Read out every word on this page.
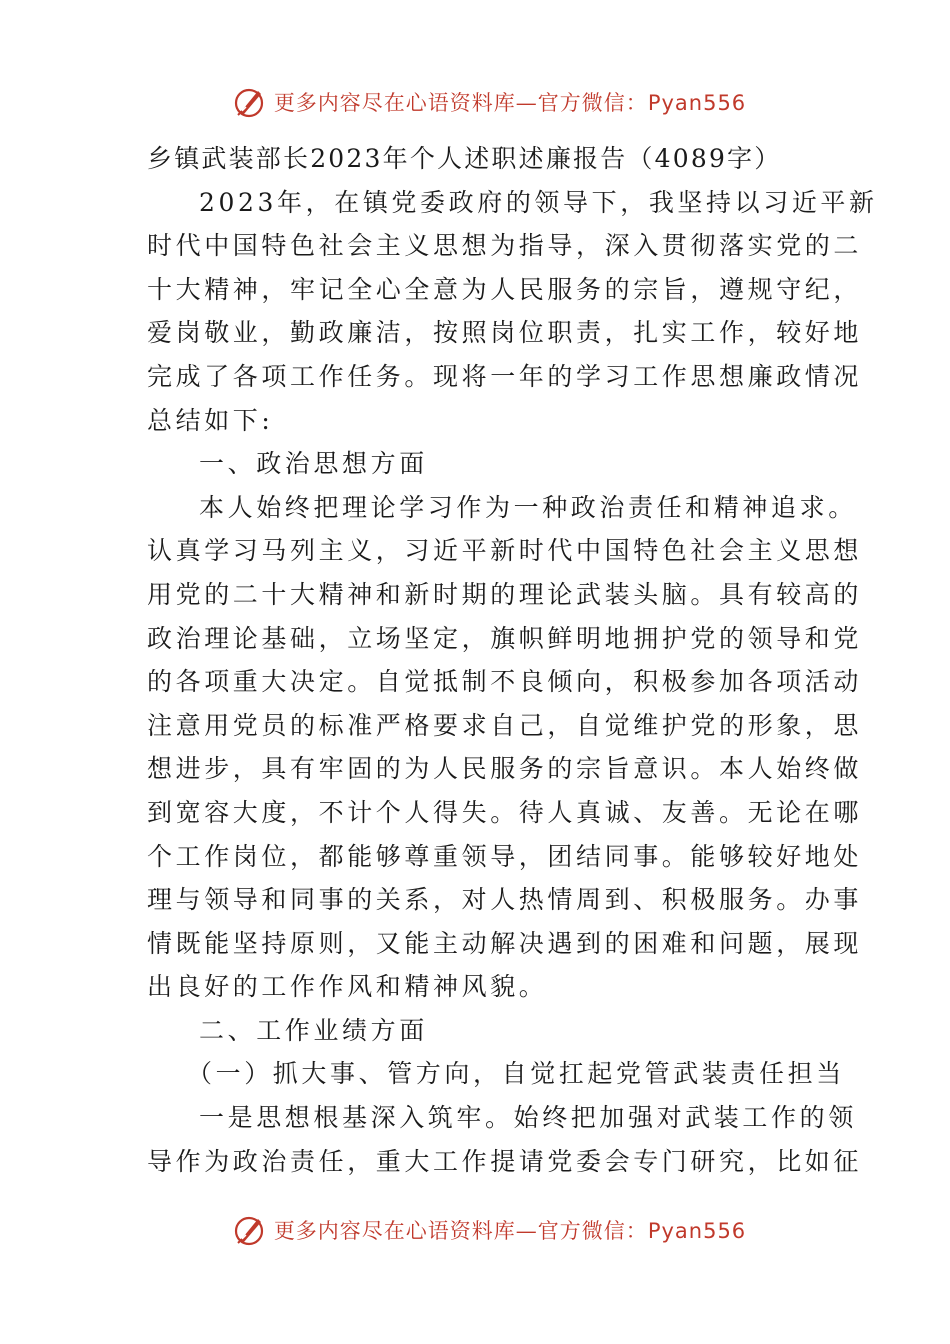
更多内容尽在心语资料库—官方微信：Pyan556
乡镇武装部长2023年个人述职述廉报告（4089字）
2023年，在镇党委政府的领导下，我坚持以习近平新
时代中国特色社会主义思想为指导，深入贯彻落实党的二
十大精神，牢记全心全意为人民服务的宗旨，遵规守纪，
爱岗敬业，勤政廉洁，按照岗位职责，扎实工作，较好地
完成了各项工作任务。现将一年的学习工作思想廉政情况
总结如下:
一、政治思想方面
本人始终把理论学习作为一种政治责任和精神追求。
认真学习马列主义，习近平新时代中国特色社会主义思想
用党的二十大精神和新时期的理论武装头脑。具有较高的
政治理论基础，立场坚定，旗帜鲜明地拥护党的领导和党
的各项重大决定。自觉抵制不良倾向，积极参加各项活动
注意用党员的标准严格要求自己，自觉维护党的形象，思
想进步，具有牢固的为人民服务的宗旨意识。本人始终做
到宽容大度，不计个人得失。待人真诚、友善。无论在哪
个工作岗位，都能够尊重领导，团结同事。能够较好地处
理与领导和同事的关系，对人热情周到、积极服务。办事
情既能坚持原则，又能主动解决遇到的困难和问题，展现
出良好的工作作风和精神风貌。
二、工作业绩方面
（一）抓大事、管方向，自觉扛起党管武装责任担当
一是思想根基深入筑牢。始终把加强对武装工作的领
导作为政治责任，重大工作提请党委会专门研究，比如征
更多内容尽在心语资料库—官方微信：Pyan556
